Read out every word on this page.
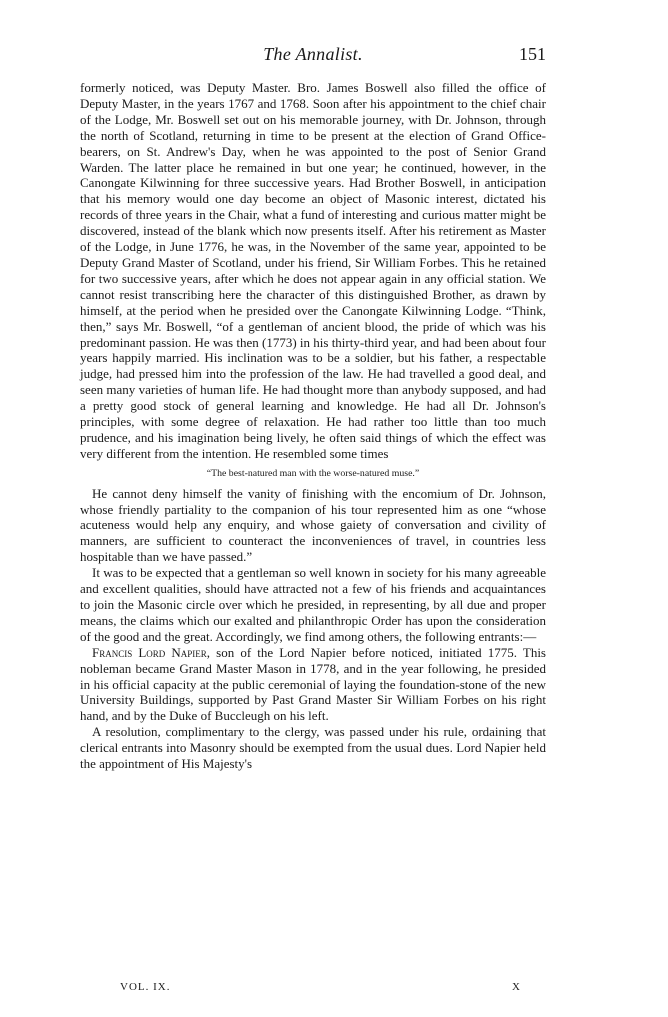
The Annalist.	151

formerly noticed, was Deputy Master. Bro. James Boswell also filled the office of Deputy Master, in the years 1767 and 1768. Soon after his appointment to the chief chair of the Lodge, Mr. Boswell set out on his memorable journey, with Dr. Johnson, through the north of Scotland, returning in time to be present at the election of Grand Office-bearers, on St. Andrew's Day, when he was appointed to the post of Senior Grand Warden. The latter place he remained in but one year; he continued, however, in the Canongate Kilwinning for three successive years. Had Brother Boswell, in anticipation that his memory would one day become an object of Masonic interest, dictated his records of three years in the Chair, what a fund of interesting and curious matter might be discovered, instead of the blank which now presents itself. After his retirement as Master of the Lodge, in June 1776, he was, in the November of the same year, appointed to be Deputy Grand Master of Scotland, under his friend, Sir William Forbes. This he retained for two successive years, after which he does not appear again in any official station. We cannot resist transcribing here the character of this distinguished Brother, as drawn by himself, at the period when he presided over the Canongate Kilwinning Lodge. “Think, then,” says Mr. Boswell, “of a gentleman of ancient blood, the pride of which was his predominant passion. He was then (1773) in his thirty-third year, and had been about four years happily married. His inclination was to be a soldier, but his father, a respectable judge, had pressed him into the profession of the law. He had travelled a good deal, and seen many varieties of human life. He had thought more than anybody supposed, and had a pretty good stock of general learning and knowledge. He had all Dr. Johnson's principles, with some degree of relaxation. He had rather too little than too much prudence, and his imagination being lively, he often said things of which the effect was very different from the intention. He resembled some times

“The best-natured man with the worse-natured muse.”

He cannot deny himself the vanity of finishing with the encomium of Dr. Johnson, whose friendly partiality to the companion of his tour represented him as one “whose acuteness would help any enquiry, and whose gaiety of conversation and civility of manners, are sufficient to counteract the inconveniences of travel, in countries less hospitable than we have passed.”

It was to be expected that a gentleman so well known in society for his many agreeable and excellent qualities, should have attracted not a few of his friends and acquaintances to join the Masonic circle over which he presided, in representing, by all due and proper means, the claims which our exalted and philanthropic Order has upon the consideration of the good and the great. Accordingly, we find among others, the following entrants:—

Francis Lord Napier, son of the Lord Napier before noticed, initiated 1775. This nobleman became Grand Master Mason in 1778, and in the year following, he presided in his official capacity at the public ceremonial of laying the foundation-stone of the new University Buildings, supported by Past Grand Master Sir William Forbes on his right hand, and by the Duke of Buccleugh on his left.

A resolution, complimentary to the clergy, was passed under his rule, ordaining that clerical entrants into Masonry should be exempted from the usual dues. Lord Napier held the appointment of His Majesty's

VOL. IX.	X
